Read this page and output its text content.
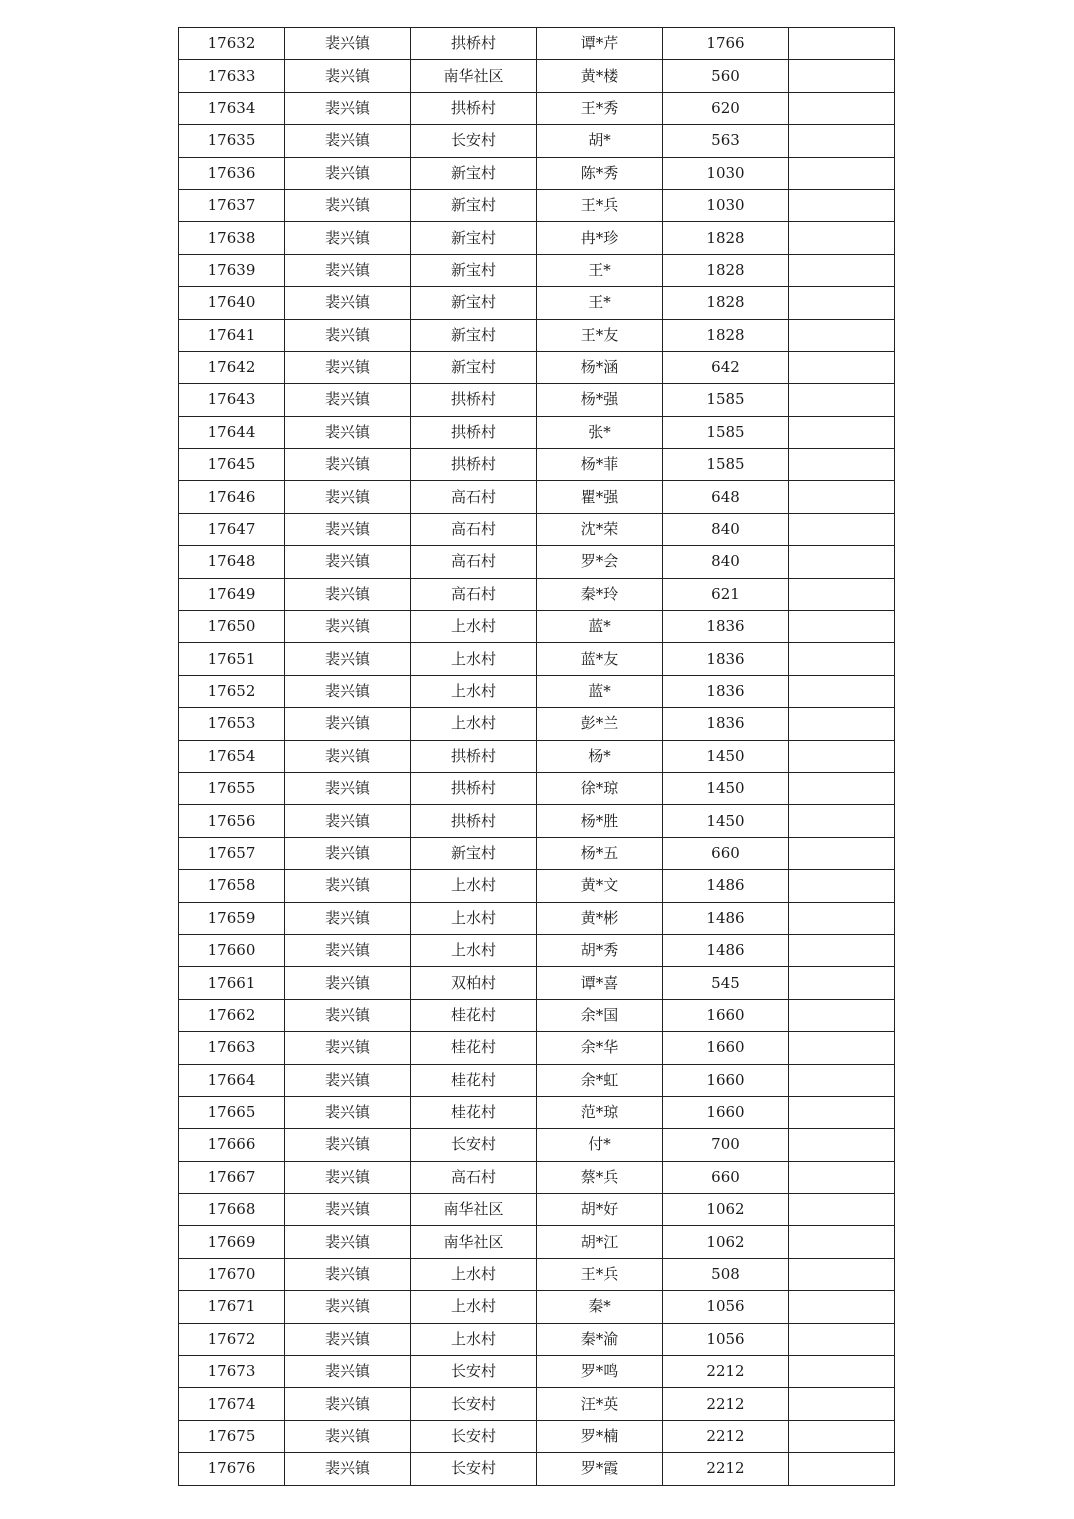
17632	裴兴镇	拱桥村	谭*芹	1766	
17633	裴兴镇	南华社区	黄*楼	560	
17634	裴兴镇	拱桥村	王*秀	620	
17635	裴兴镇	长安村	胡*	563	
17636	裴兴镇	新宝村	陈*秀	1030	
17637	裴兴镇	新宝村	王*兵	1030	
17638	裴兴镇	新宝村	冉*珍	1828	
17639	裴兴镇	新宝村	王*	1828	
17640	裴兴镇	新宝村	王*	1828	
17641	裴兴镇	新宝村	王*友	1828	
17642	裴兴镇	新宝村	杨*涵	642	
17643	裴兴镇	拱桥村	杨*强	1585	
17644	裴兴镇	拱桥村	张*	1585	
17645	裴兴镇	拱桥村	杨*菲	1585	
17646	裴兴镇	高石村	瞿*强	648	
17647	裴兴镇	高石村	沈*荣	840	
17648	裴兴镇	高石村	罗*会	840	
17649	裴兴镇	高石村	秦*玲	621	
17650	裴兴镇	上水村	蓝*	1836	
17651	裴兴镇	上水村	蓝*友	1836	
17652	裴兴镇	上水村	蓝*	1836	
17653	裴兴镇	上水村	彭*兰	1836	
17654	裴兴镇	拱桥村	杨*	1450	
17655	裴兴镇	拱桥村	徐*琼	1450	
17656	裴兴镇	拱桥村	杨*胜	1450	
17657	裴兴镇	新宝村	杨*五	660	
17658	裴兴镇	上水村	黄*文	1486	
17659	裴兴镇	上水村	黄*彬	1486	
17660	裴兴镇	上水村	胡*秀	1486	
17661	裴兴镇	双柏村	谭*喜	545	
17662	裴兴镇	桂花村	余*国	1660	
17663	裴兴镇	桂花村	余*华	1660	
17664	裴兴镇	桂花村	余*虹	1660	
17665	裴兴镇	桂花村	范*琼	1660	
17666	裴兴镇	长安村	付*	700	
17667	裴兴镇	高石村	蔡*兵	660	
17668	裴兴镇	南华社区	胡*好	1062	
17669	裴兴镇	南华社区	胡*江	1062	
17670	裴兴镇	上水村	王*兵	508	
17671	裴兴镇	上水村	秦*	1056	
17672	裴兴镇	上水村	秦*渝	1056	
17673	裴兴镇	长安村	罗*鸣	2212	
17674	裴兴镇	长安村	汪*英	2212	
17675	裴兴镇	长安村	罗*楠	2212	
17676	裴兴镇	长安村	罗*霞	2212	
